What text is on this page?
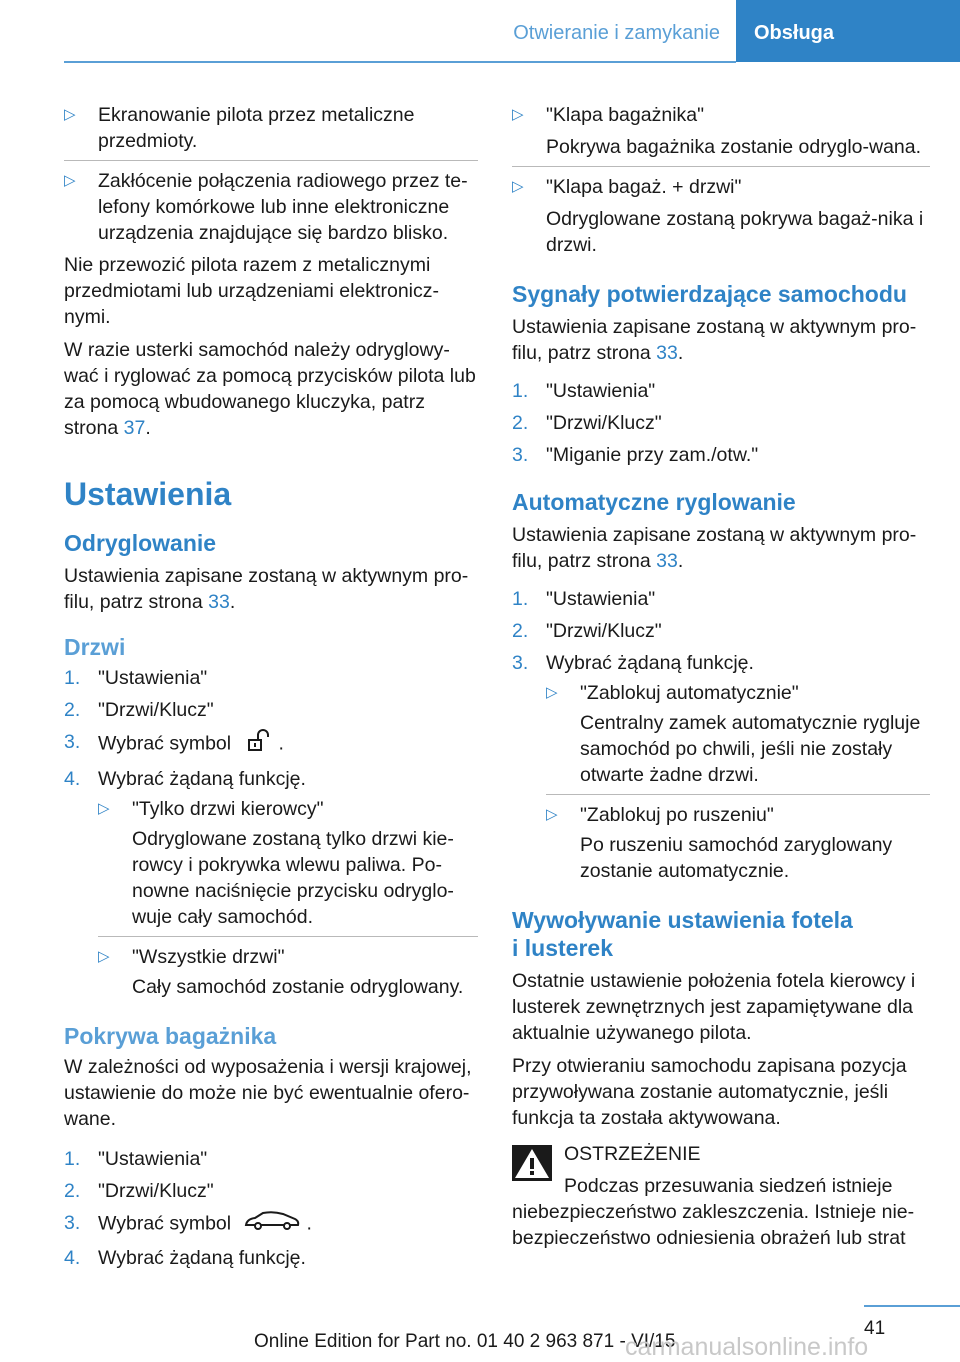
Otwieranie i zamykanie	Obsługa
▷ Ekranowanie pilota przez metaliczne przedmioty.
▷ Zakłócenie połączenia radiowego przez te-lefony komórkowe lub inne elektroniczne urządzenia znajdujące się bardzo blisko.

Nie przewozić pilota razem z metalicznymi przedmiotami lub urządzeniami elektronicz-nymi.

W razie usterki samochód należy odryglowy-wać i ryglować za pomocą przycisków pilota lub za pomocą wbudowanego kluczyka, patrz strona 37.

Ustawienia
Odryglowanie

Ustawienia zapisane zostaną w aktywnym pro-filu, patrz strona 33.

Drzwi
1. "Ustawienia"
2. "Drzwi/Klucz"
3. Wybrać symbol .
4. Wybrać żądaną funkcję.
▷ "Tylko drzwi kierowcy"
Odryglowane zostaną tylko drzwi kie-rowcy i pokrywka wlewu paliwa. Po-nowne naciśnięcie przycisku odryglo-wuje cały samochód.
▷ "Wszystkie drzwi"
Cały samochód zostanie odryglowany.
Pokrywa bagażnika

W zależności od wyposażenia i wersji krajowej, ustawienie do może nie być ewentualnie ofero-wane.

1. "Ustawienia"
2. "Drzwi/Klucz"
3. Wybrać symbol	.
4. Wybrać żądaną funkcję.
▷ "Klapa bagażnika"
Pokrywa bagażnika zostanie odryglo-wana.
▷ "Klapa bagaż. + drzwi"
Odryglowane zostaną pokrywa bagaż-nika i drzwi.
Sygnały potwierdzające samochodu

Ustawienia zapisane zostaną w aktywnym pro-filu, patrz strona 33.

1. "Ustawienia"
2. "Drzwi/Klucz"
3. "Miganie przy zam./otw."
Automatyczne ryglowanie

Ustawienia zapisane zostaną w aktywnym pro-filu, patrz strona 33.

1. "Ustawienia"
2. "Drzwi/Klucz"
3. Wybrać żądaną funkcję.
▷ "Zablokuj automatycznie"
Centralny zamek automatycznie rygluje samochód po chwili, jeśli nie zostały otwarte żadne drzwi.
▷ "Zablokuj po ruszeniu"
Po ruszeniu samochód zaryglowany zostanie automatycznie.
Wywoływanie ustawienia fotela
i lusterek

Ostatnie ustawienie położenia fotela kierowcy i lusterek zewnętrznych jest zapamiętywane dla aktualnie używanego pilota.

Przy otwieraniu samochodu zapisana pozycja przywoływana zostanie automatycznie, jeśli funkcja ta została aktywowana.

OSTRZEŻENIE
Podczas przesuwania siedzeń istnieje niebezpieczeństwo zakleszczenia. Istnieje nie-bezpieczeństwo odniesienia obrażeń lub strat
41
Online Edition for Part no. 01 40 2 963 871 - VI/15
carmanualsonline.info
